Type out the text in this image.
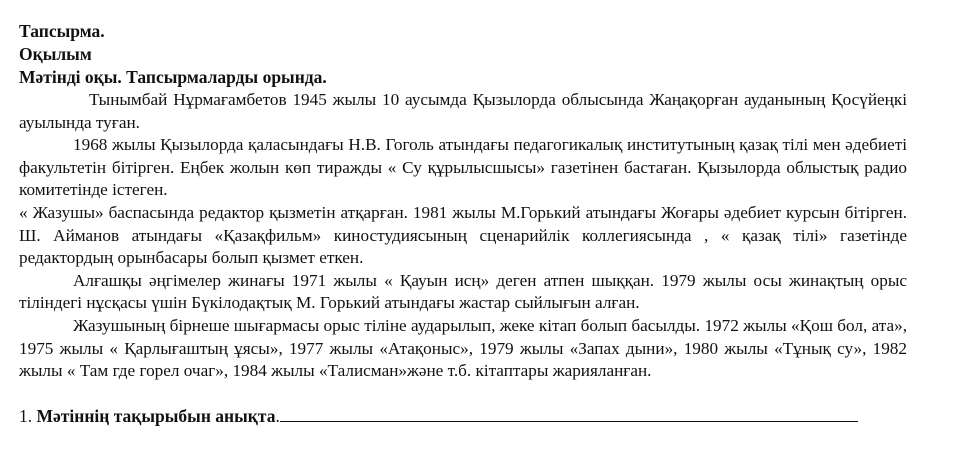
Тапсырма.

Оқылым

Мәтінді оқы. Тапсырмаларды орында.

Тынымбай Нұрмағамбетов 1945 жылы 10 аусымда Қызылорда облысында Жаңақорған ауданының Қосүйеңкі ауылында туған.

1968 жылы Қызылорда қаласындағы Н.В. Гоголь атындағы педагогикалық институтының қазақ тілі мен әдебиеті факультетін бітірген. Еңбек жолын көп тиражды « Су құрылысшысы» газетінен бастаған. Қызылорда облыстық радио комитетінде істеген.

« Жазушы» баспасында редактор қызметін атқарған. 1981 жылы М.Горький атындағы Жоғары әдебиет курсын бітірген. Ш. Айманов атындағы «Қазақфильм» киностудиясының сценарийлік коллегиясында , « қазақ тілі» газетінде редактордың орынбасары болып қызмет еткен.

Алғашқы әңгімелер жинағы 1971 жылы « Қауын исң» деген атпен шыққан. 1979 жылы осы жинақтың орыс тіліндегі нұсқасы үшін Бүкілодақтық М. Горький атындағы жастар сыйлығын алған.

Жазушының бірнеше шығармасы орыс тіліне аударылып, жеке кітап болып басылды. 1972 жылы «Қош бол, ата», 1975 жылы « Қарлығаштың ұясы», 1977 жылы «Атақоныс», 1979 жылы «Запах дыни», 1980 жылы «Тұнық су», 1982 жылы « Там где горел очаг», 1984 жылы «Талисман»және т.б. кітаптары жарияланған.

1. Мәтіннің тақырыбын анықта.
